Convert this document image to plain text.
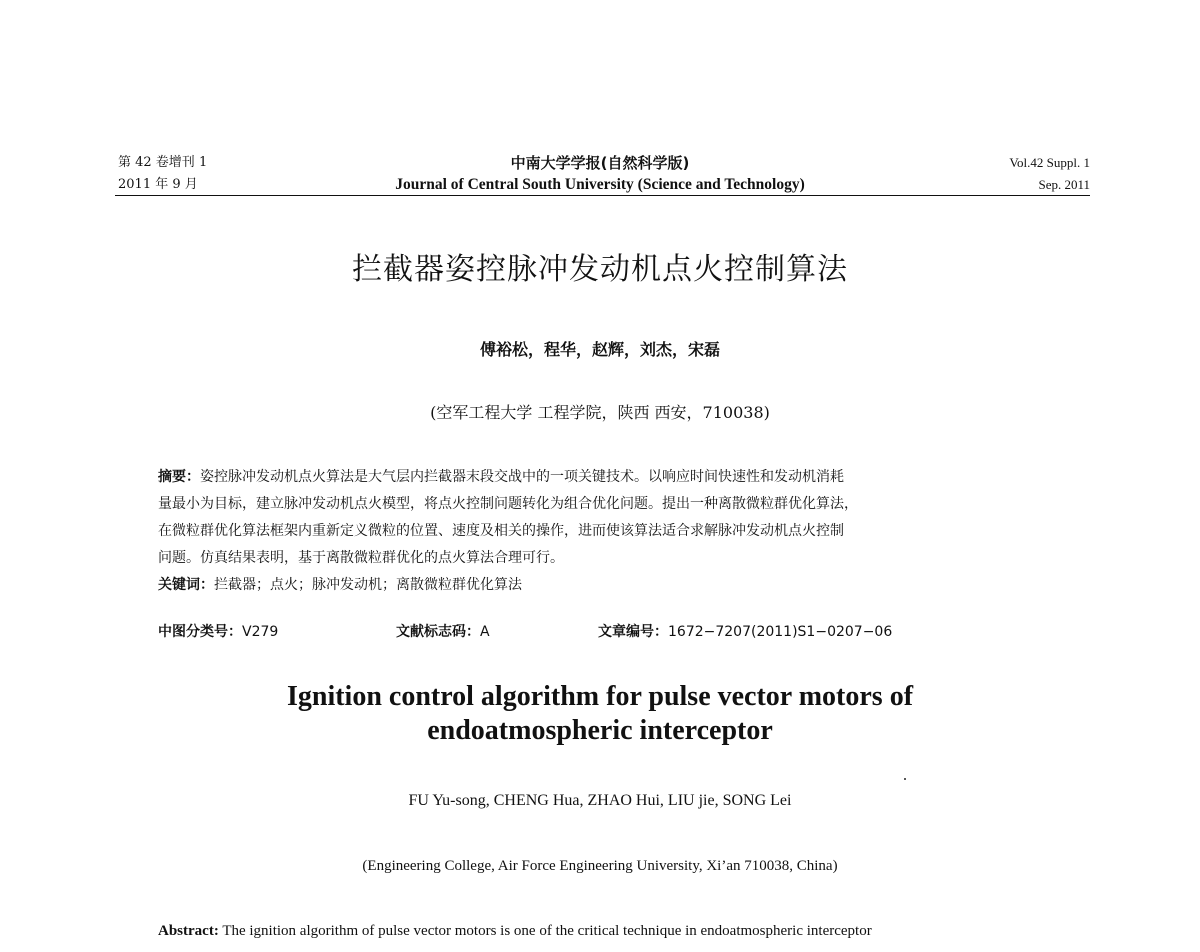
第 42 卷增刊 1
2011 年 9 月
中南大学学报(自然科学版)
Journal of Central South University (Science and Technology)
Vol.42 Suppl. 1
Sep. 2011
拦截器姿控脉冲发动机点火控制算法
傅裕松，程华，赵辉，刘杰，宋磊
(空军工程大学 工程学院，陕西 西安，710038)
摘要：姿控脉冲发动机点火算法是大气层内拦截器末段交战中的一项关键技术。以响应时间快速性和发动机消耗
量最小为目标，建立脉冲发动机点火模型，将点火控制问题转化为组合优化问题。提出一种离散微粒群优化算法，
在微粒群优化算法框架内重新定义微粒的位置、速度及相关的操作，进而使该算法适合求解脉冲发动机点火控制
问题。仿真结果表明，基于离散微粒群优化的点火算法合理可行。
关键词：拦截器；点火；脉冲发动机；离散微粒群优化算法
中图分类号：V279	文献标志码：A	文章编号：1672−7207(2011)S1−0207−06
Ignition control algorithm for pulse vector motors of
endoatmospheric interceptor
FU Yu-song, CHENG Hua, ZHAO Hui, LIU jie, SONG Lei
(Engineering College, Air Force Engineering University, Xi’an 710038, China)
Abstract: The ignition algorithm of pulse vector motors is one of the critical technique in endoatmospheric interceptor
